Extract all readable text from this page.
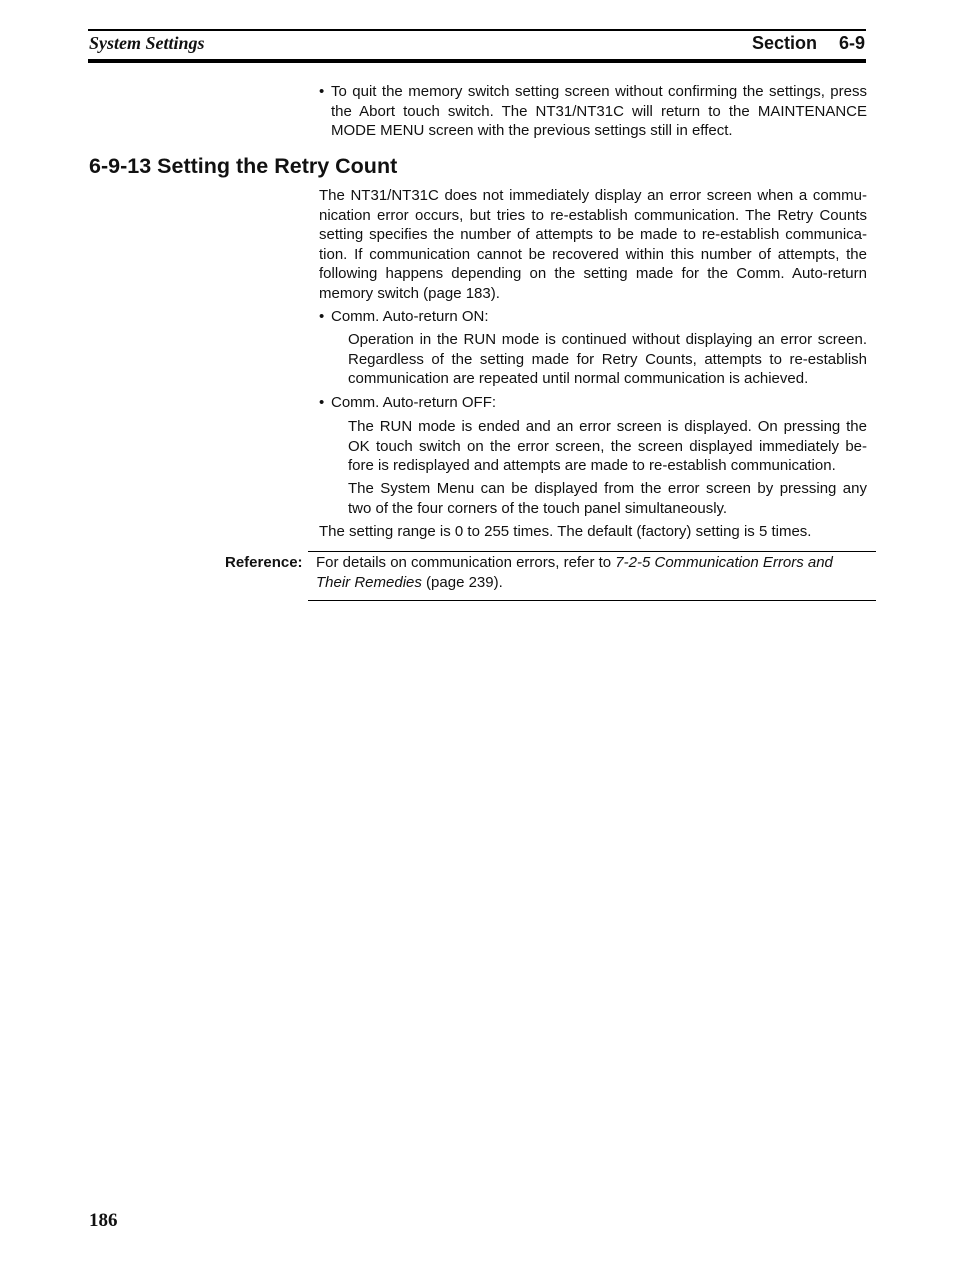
System Settings	Section 6-9
• To quit the memory switch setting screen without confirming the settings, press the Abort touch switch. The NT31/NT31C will return to the MAINTENANCE MODE MENU screen with the previous settings still in effect.
6-9-13 Setting the Retry Count
The NT31/NT31C does not immediately display an error screen when a commu-nication error occurs, but tries to re-establish communication. The Retry Counts setting specifies the number of attempts to be made to re-establish communica-tion. If communication cannot be recovered within this number of attempts, the following happens depending on the setting made for the Comm. Auto-return memory switch (page 183).
• Comm. Auto-return ON:
Operation in the RUN mode is continued without displaying an error screen. Regardless of the setting made for Retry Counts, attempts to re-establish communication are repeated until normal communication is achieved.
• Comm. Auto-return OFF:
The RUN mode is ended and an error screen is displayed. On pressing the OK touch switch on the error screen, the screen displayed immediately be-fore is redisplayed and attempts are made to re-establish communication.
The System Menu can be displayed from the error screen by pressing any two of the four corners of the touch panel simultaneously.
The setting range is 0 to 255 times. The default (factory) setting is 5 times.
Reference: For details on communication errors, refer to 7-2-5 Communication Errors and Their Remedies (page 239).
186
